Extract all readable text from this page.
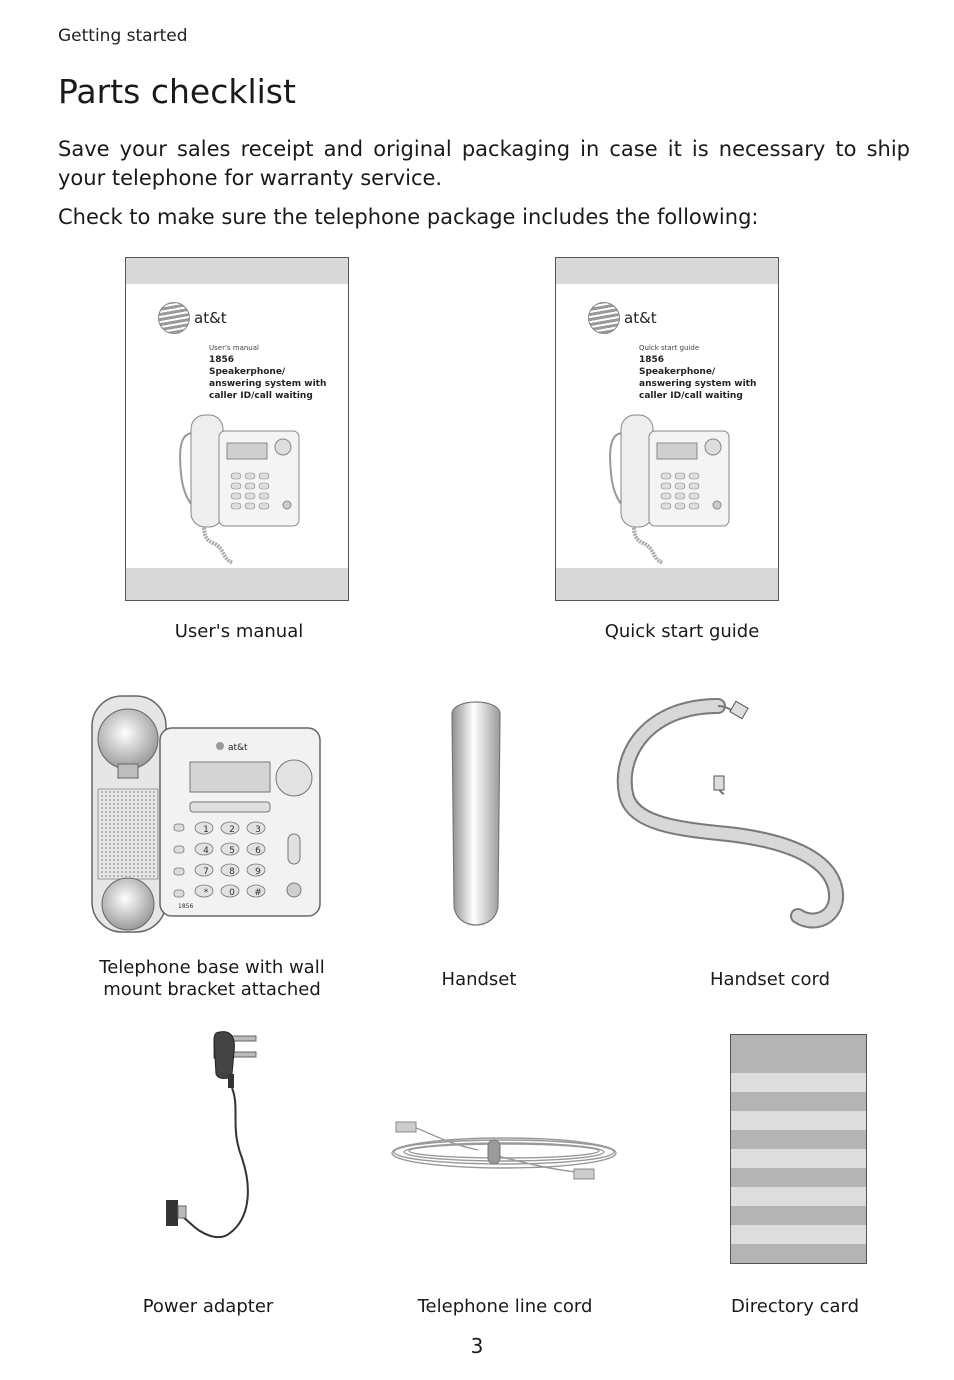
Getting started
Parts checklist

Save your sales receipt and original packaging in case it is necessary to ship your telephone for warranty service.

Check to make sure the telephone package includes the following:

at&t
User's manual
1856
Speakerphone/ answering system with caller ID/call waiting
User's manual
at&t
Quick start guide
1856
Speakerphone/ answering system with caller ID/call waiting
Quick start guide
at&t
1 2 3
4 5 6
7 8 9
* 0 #
1856
Telephone base with wall mount bracket attached	Handset	Handset cord
Power adapter	Telephone line cord	Directory card
3
